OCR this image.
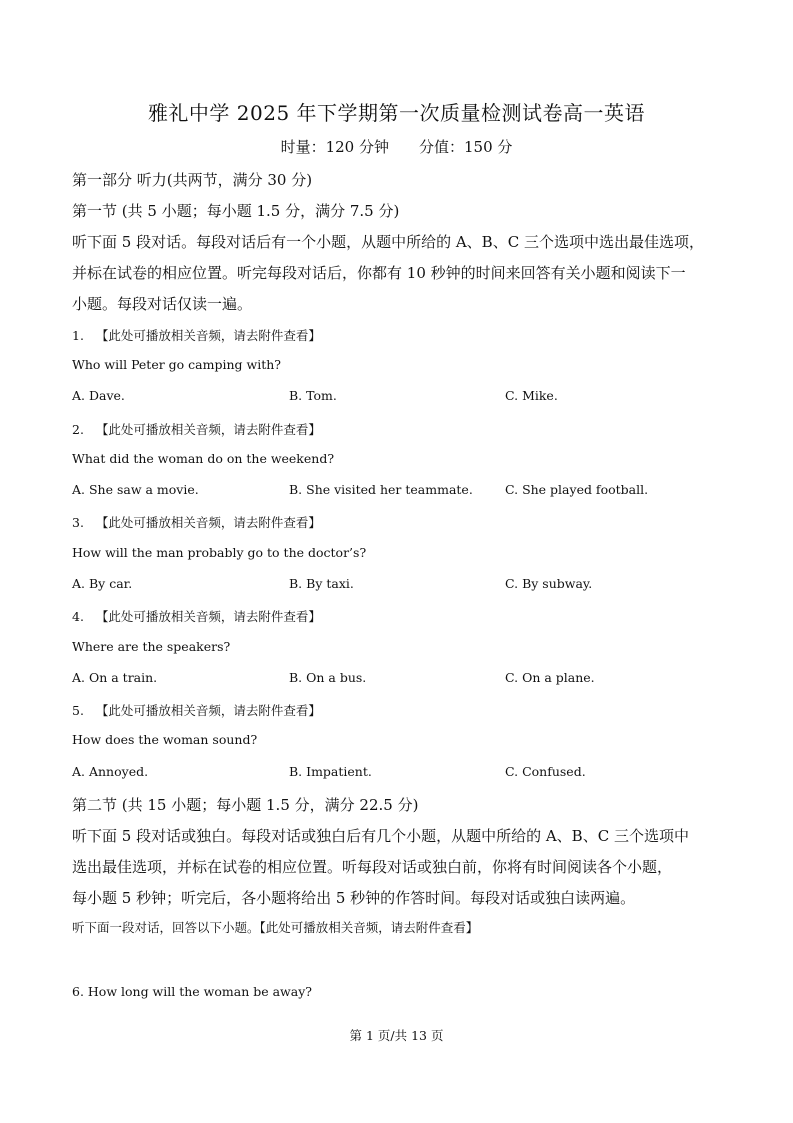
雅礼中学 2025 年下学期第一次质量检测试卷高一英语
时量：120 分钟 分值：150 分
第一部分 听力(共两节，满分 30 分)
第一节 (共 5 小题；每小题 1.5 分，满分 7.5 分)
听下面 5 段对话。每段对话后有一个小题，从题中所给的 A、B、C 三个选项中选出最佳选项，
并标在试卷的相应位置。听完每段对话后，你都有 10 秒钟的时间来回答有关小题和阅读下一
小题。每段对话仅读一遍。
1. 【此处可播放相关音频，请去附件查看】
Who will Peter go camping with?
A. Dave.	B. Tom.	C. Mike.
2. 【此处可播放相关音频，请去附件查看】
What did the woman do on the weekend?
A. She saw a movie.	B. She visited her teammate.	C. She played football.
3. 【此处可播放相关音频，请去附件查看】
How will the man probably go to the doctor’s?
A. By car.	B. By taxi.	C. By subway.
4. 【此处可播放相关音频，请去附件查看】
Where are the speakers?
A. On a train.	B. On a bus.	C. On a plane.
5. 【此处可播放相关音频，请去附件查看】
How does the woman sound?
A. Annoyed.	B. Impatient.	C. Confused.
第二节 (共 15 小题；每小题 1.5 分，满分 22.5 分)
听下面 5 段对话或独白。每段对话或独白后有几个小题，从题中所给的 A、B、C 三个选项中
选出最佳选项，并标在试卷的相应位置。听每段对话或独白前，你将有时间阅读各个小题，
每小题 5 秒钟；听完后，各小题将给出 5 秒钟的作答时间。每段对话或独白读两遍。
听下面一段对话，回答以下小题。【此处可播放相关音频，请去附件查看】
6. How long will the woman be away?
第 1 页/共 13 页
